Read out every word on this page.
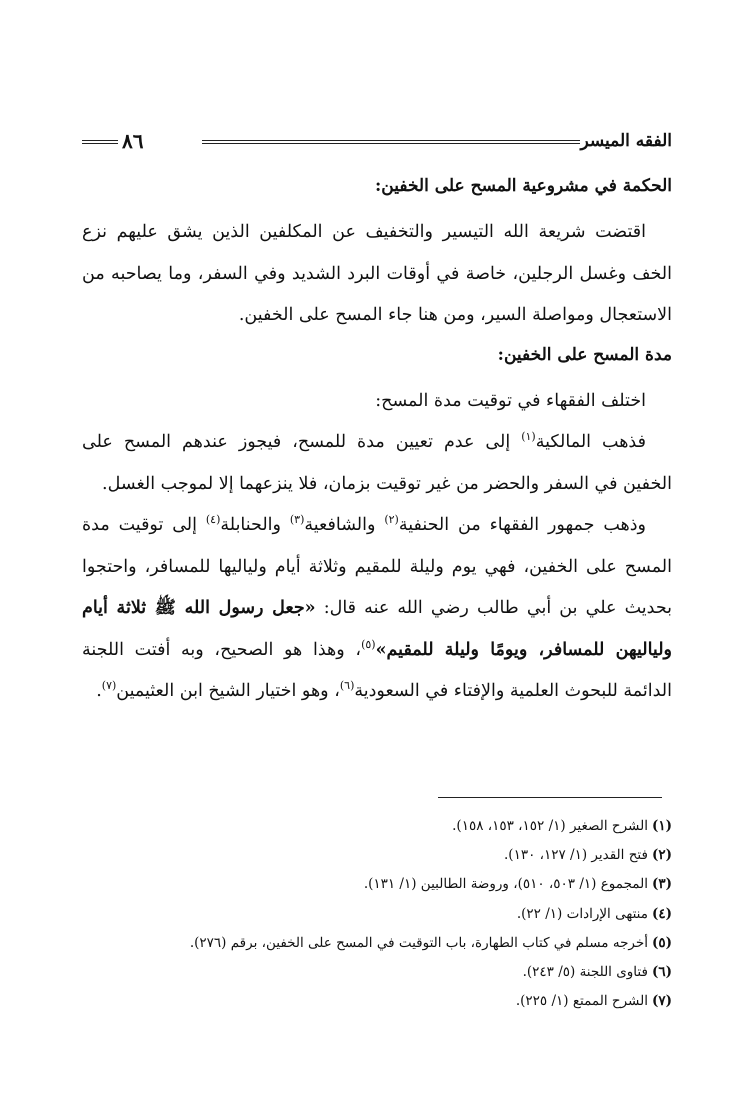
٨٦	الفقه الميسر

الحكمة في مشروعية المسح على الخفين:

اقتضت شريعة الله التيسير والتخفيف عن المكلفين الذين يشق عليهم نزع الخف وغسل الرجلين، خاصة في أوقات البرد الشديد وفي السفر، وما يصاحبه من الاستعجال ومواصلة السير، ومن هنا جاء المسح على الخفين.

مدة المسح على الخفين:

اختلف الفقهاء في توقيت مدة المسح:

فذهب المالكية$^{(١)}$ إلى عدم تعيين مدة للمسح، فيجوز عندهم المسح على الخفين في السفر والحضر من غير توقيت بزمان، فلا ينزعهما إلا لموجب الغسل.

وذهب جمهور الفقهاء من الحنفية$^{(٢)}$ والشافعية$^{(٣)}$ والحنابلة$^{(٤)}$ إلى توقيت مدة المسح على الخفين، فهي يوم وليلة للمقيم وثلاثة أيام ولياليها للمسافر، واحتجوا بحديث علي بن أبي طالب رضي الله عنه قال: «جعل رسول الله ﷺ ثلاثة أيام ولياليهن للمسافر، ويومًا وليلة للمقيم»$^{(٥)}$، وهذا هو الصحيح، وبه أفتت اللجنة الدائمة للبحوث العلمية والإفتاء في السعودية$^{(٦)}$، وهو اختيار الشيخ ابن العثيمين$^{(٧)}$.

(١)الشرح الصغير (١/ ١٥٢، ١٥٣، ١٥٨).
(٢)فتح القدير (١/ ١٢٧، ١٣٠).
(٣)المجموع (١/ ٥٠٣، ٥١٠)، وروضة الطالبين (١/ ١٣١).
(٤)منتهى الإرادات (١/ ٢٢).
(٥)أخرجه مسلم في كتاب الطهارة، باب التوقيت في المسح على الخفين، برقم (٢٧٦).
(٦)فتاوى اللجنة (٥/ ٢٤٣).
(٧)الشرح الممتع (١/ ٢٢٥).
